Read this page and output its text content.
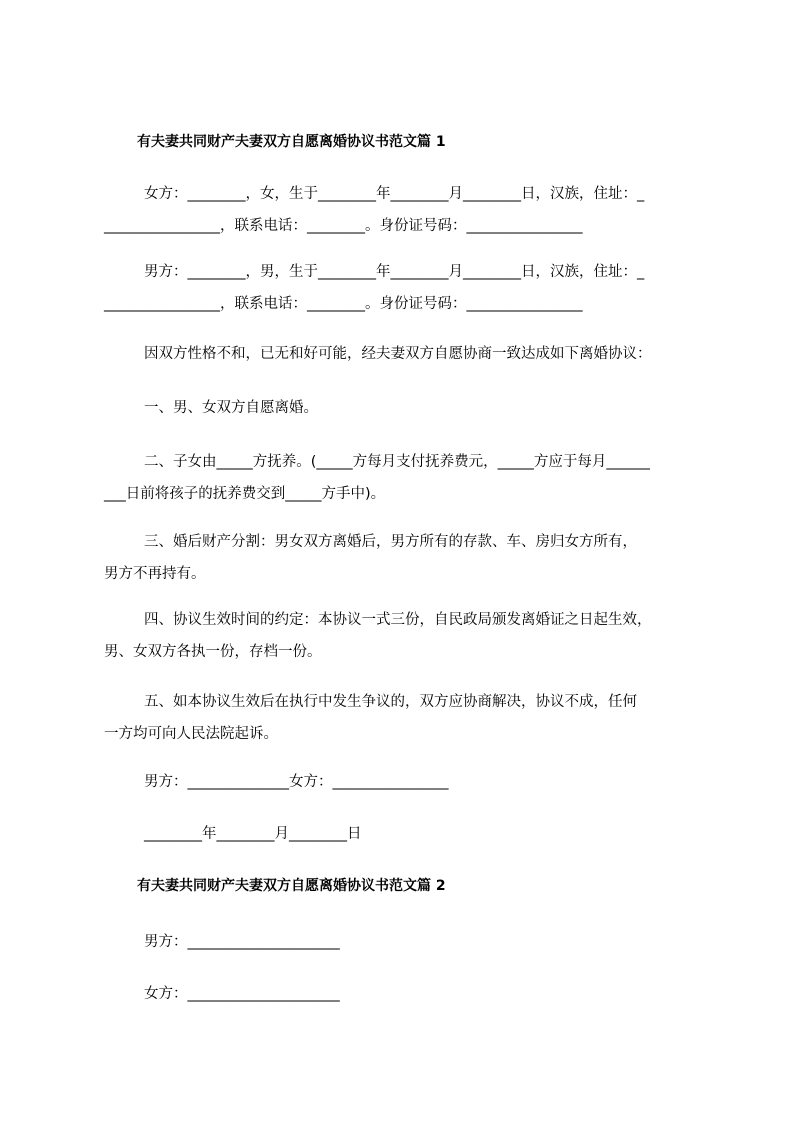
有夫妻共同财产夫妻双方自愿离婚协议书范文篇 1
女方：________，女，生于________年________月________日，汉族，住址：_
________________，联系电话：________。身份证号码：________________
男方：________，男，生于________年________月________日，汉族，住址：_
________________，联系电话：________。身份证号码：________________
因双方性格不和，已无和好可能，经夫妻双方自愿协商一致达成如下离婚协议：
一、男、女双方自愿离婚。
二、子女由_____方抚养。(_____方每月支付抚养费元，_____方应于每月______
___日前将孩子的抚养费交到_____方手中)。
三、婚后财产分割：男女双方离婚后，男方所有的存款、车、房归女方所有，
男方不再持有。
四、协议生效时间的约定：本协议一式三份，自民政局颁发离婚证之日起生效，
男、女双方各执一份，存档一份。
五、如本协议生效后在执行中发生争议的，双方应协商解决，协议不成，任何
一方均可向人民法院起诉。
男方：______________女方：________________
________年________月________日
有夫妻共同财产夫妻双方自愿离婚协议书范文篇 2
男方：_____________________
女方：_____________________
